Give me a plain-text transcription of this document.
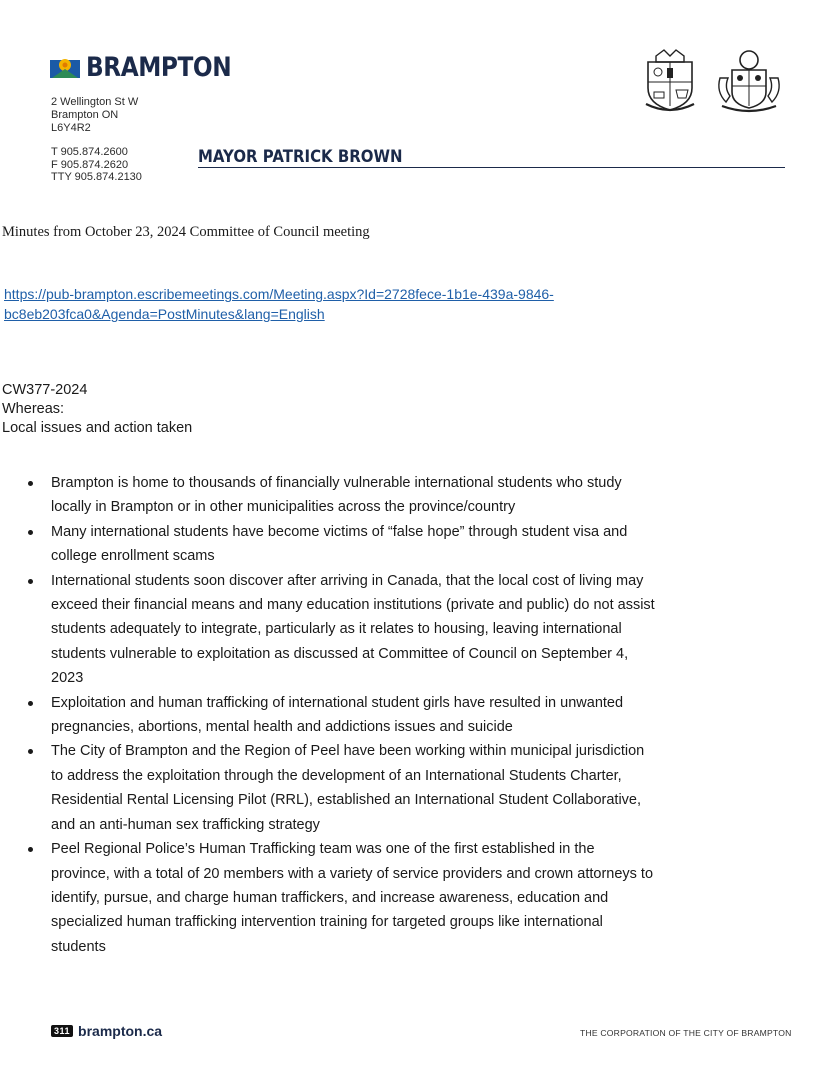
BRAMPTON
2 Wellington St W
Brampton ON
L6Y4R2
T 905.874.2600
F 905.874.2620
TTY 905.874.2130
MAYOR PATRICK BROWN
Minutes from October 23, 2024 Committee of Council meeting
https://pub-brampton.escribemeetings.com/Meeting.aspx?Id=2728fece-1b1e-439a-9846-
bc8eb203fca0&Agenda=PostMinutes&lang=English
CW377-2024
Whereas:
Local issues and action taken
Brampton is home to thousands of financially vulnerable international students who study
locally in Brampton or in other municipalities across the province/country
Many international students have become victims of “false hope” through student visa and
college enrollment scams
International students soon discover after arriving in Canada, that the local cost of living may
exceed their financial means and many education institutions (private and public) do not assist
students adequately to integrate, particularly as it relates to housing, leaving international
students vulnerable to exploitation as discussed at Committee of Council on September 4,
2023
Exploitation and human trafficking of international student girls have resulted in unwanted
pregnancies, abortions, mental health and addictions issues and suicide
The City of Brampton and the Region of Peel have been working within municipal jurisdiction
to address the exploitation through the development of an International Students Charter,
Residential Rental Licensing Pilot (RRL), established an International Student Collaborative,
and an anti-human sex trafficking strategy
Peel Regional Police’s Human Trafficking team was one of the first established in the
province, with a total of 20 members with a variety of service providers and crown attorneys to
identify, pursue, and charge human traffickers, and increase awareness, education and
specialized human trafficking intervention training for targeted groups like international
students
311 brampton.ca	THE CORPORATION OF THE CITY OF BRAMPTON
